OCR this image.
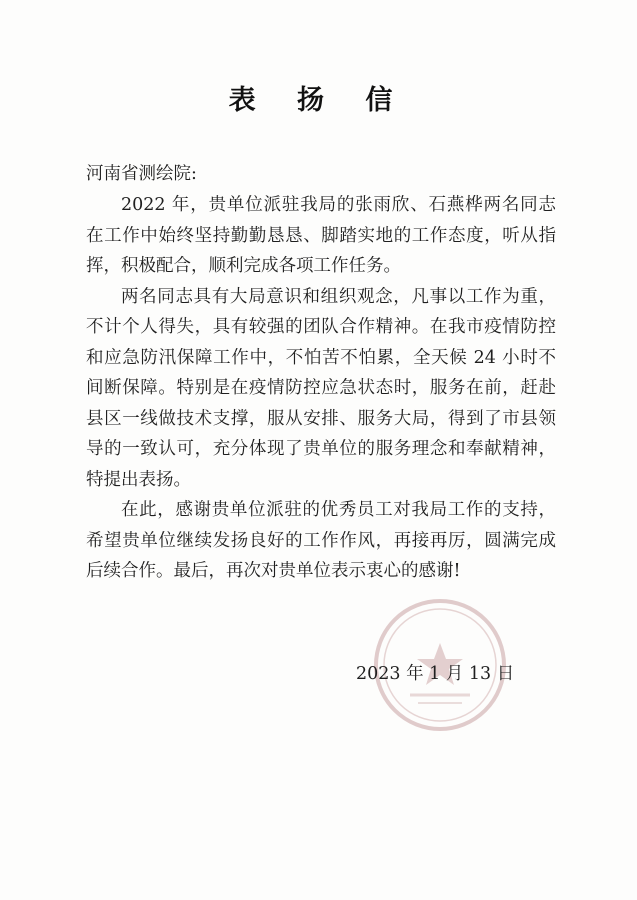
表 扬 信
河南省测绘院:

2022 年，贵单位派驻我局的张雨欣、石燕桦两名同志在工作中始终坚持勤勤恳恳、脚踏实地的工作态度，听从指挥，积极配合，顺利完成各项工作任务。

两名同志具有大局意识和组织观念，凡事以工作为重，不计个人得失，具有较强的团队合作精神。在我市疫情防控和应急防汛保障工作中，不怕苦不怕累，全天候 24 小时不间断保障。特别是在疫情防控应急状态时，服务在前，赶赴县区一线做技术支撑，服从安排、服务大局，得到了市县领导的一致认可，充分体现了贵单位的服务理念和奉献精神，特提出表扬。

在此，感谢贵单位派驻的优秀员工对我局工作的支持，希望贵单位继续发扬良好的工作作风，再接再厉，圆满完成后续合作。最后，再次对贵单位表示衷心的感谢!

2023 年 1 月 13 日
